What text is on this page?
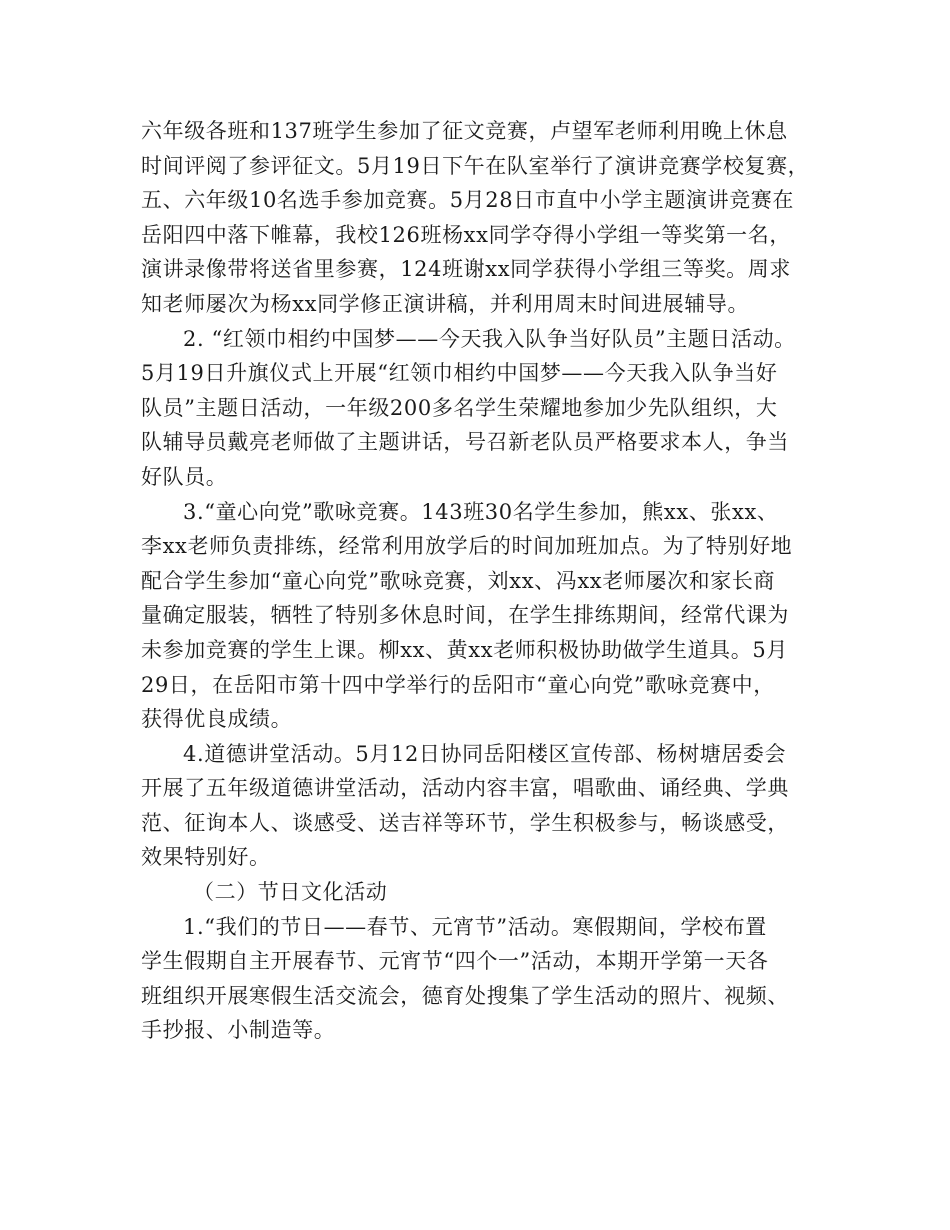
六年级各班和137班学生参加了征文竞赛，卢望军老师利用晚上休息
时间评阅了参评征文。5月19日下午在队室举行了演讲竞赛学校复赛，
五、六年级10名选手参加竞赛。5月28日市直中小学主题演讲竞赛在
岳阳四中落下帷幕，我校126班杨xx同学夺得小学组一等奖第一名，
演讲录像带将送省里参赛，124班谢xx同学获得小学组三等奖。周求
知老师屡次为杨xx同学修正演讲稿，并利用周末时间进展辅导。
2. “红领巾相约中国梦——今天我入队争当好队员”主题日活动。
5月19日升旗仪式上开展“红领巾相约中国梦——今天我入队争当好
队员”主题日活动，一年级200多名学生荣耀地参加少先队组织，大
队辅导员戴亮老师做了主题讲话，号召新老队员严格要求本人，争当
好队员。
3.“童心向党”歌咏竞赛。143班30名学生参加，熊xx、张xx、
李xx老师负责排练，经常利用放学后的时间加班加点。为了特别好地
配合学生参加“童心向党”歌咏竞赛，刘xx、冯xx老师屡次和家长商
量确定服装，牺牲了特别多休息时间，在学生排练期间，经常代课为
未参加竞赛的学生上课。柳xx、黄xx老师积极协助做学生道具。5月
29日，在岳阳市第十四中学举行的岳阳市“童心向党”歌咏竞赛中，
获得优良成绩。
4.道德讲堂活动。5月12日协同岳阳楼区宣传部、杨树塘居委会
开展了五年级道德讲堂活动，活动内容丰富，唱歌曲、诵经典、学典
范、征询本人、谈感受、送吉祥等环节，学生积极参与，畅谈感受，
效果特别好。
（二）节日文化活动
1.“我们的节日——春节、元宵节”活动。寒假期间，学校布置
学生假期自主开展春节、元宵节“四个一”活动，本期开学第一天各
班组织开展寒假生活交流会，德育处搜集了学生活动的照片、视频、
手抄报、小制造等。
